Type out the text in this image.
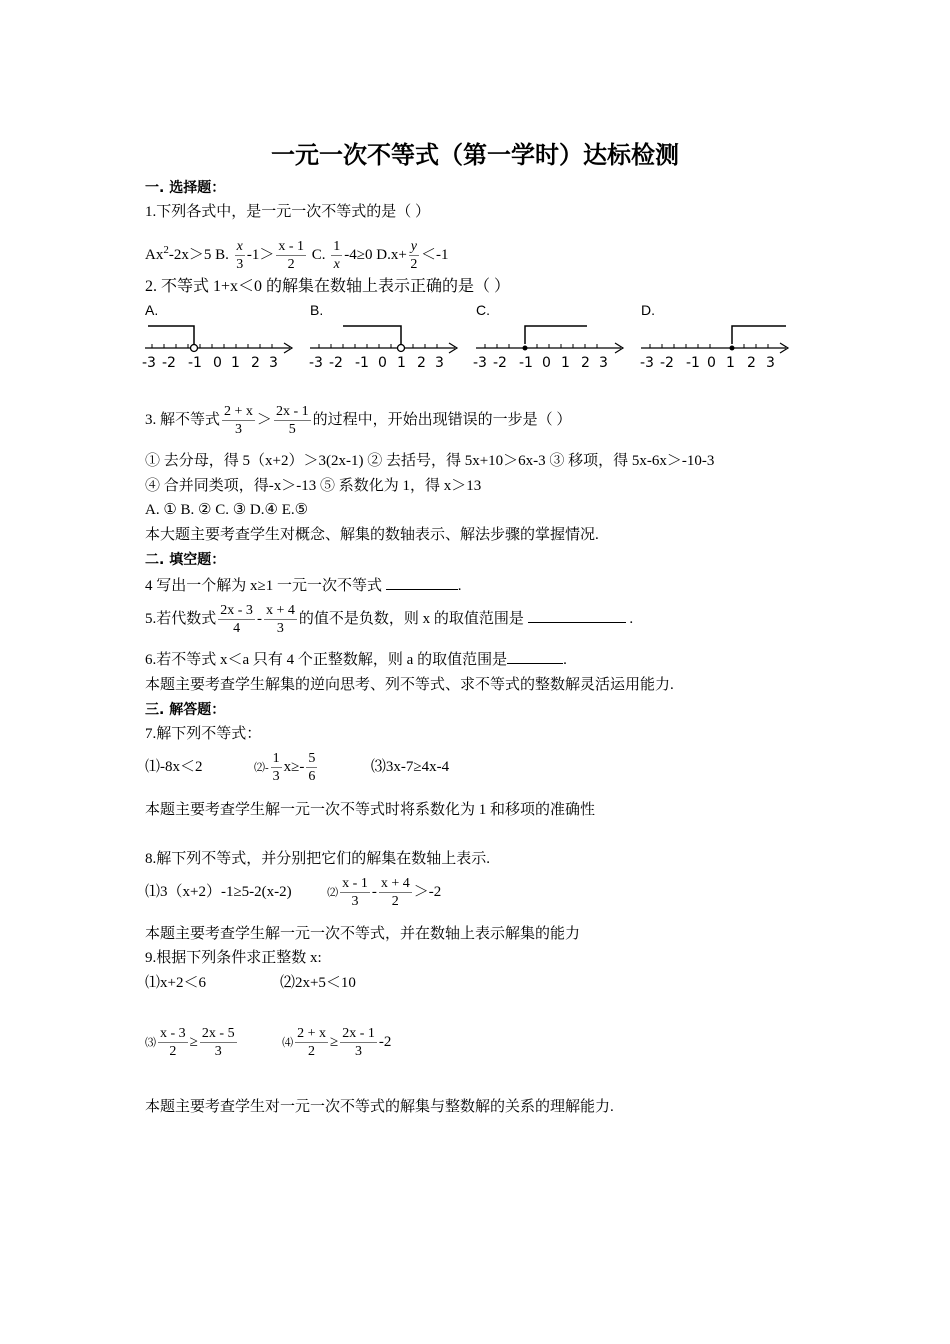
一元一次不等式（第一学时）达标检测
一. 选择题：
1.下列各式中，是一元一次不等式的是（ ）
$Ax^2-2x>5$ B. $\frac{x}{3} -1> \frac{x - 1}{2} C$. $\frac{1}{x} -4\ge 0$ $D.x+ \frac{y}{2} <-1$
2. 不等式 1+x＜0 的解集在数轴上表示正确的是（ ）
A.	B.	C.	D.
-3 -2 -1 0 1 2 3 -3 -2 -1 0 1 2 3 -3 -2 -1 0 1 2 3 -3 -2 -1 0 1 2 3
3. 解不等式 $\frac{2 + x}{3} > \frac{2x - 1}{5}$ 的过程中，开始出现错误的一步是（ ）
① 去分母，得 5（x+2）＞3(2x-1) ② 去括号，得 5x+10＞6x-3 ③ 移项，得 5x-6x＞-10-3
④ 合并同类项，得-x＞-13 ⑤ 系数化为 1，得 x＞13
A. ① B. ② C. ③ D.④ E.⑤
本大题主要考查学生对概念、解集的数轴表示、解法步骤的掌握情况.
二. 填空题：
4 写出一个解为 x≥1 一元一次不等式	.
5.若代数式 $\frac{2x - 3}{4} - \frac{x + 4}{3}$ 的值不是负数，则 x 的取值范围是	.
6.若不等式 x＜a 只有 4 个正整数解，则 a 的取值范围是	.
本题主要考查学生解集的逆向思考、列不等式、求不等式的整数解灵活运用能力.
三. 解答题：
7.解下列不等式：
⑴-8x＜2	⑵- $\frac{1}{3} x\ge- \frac{5}{6}$	⑶3x-7≥4x-4
本题主要考查学生解一元一次不等式时将系数化为 1 和移项的准确性
8.解下列不等式，并分别把它们的解集在数轴上表示.
⑴3（x+2）-1≥5-2(x-2)	⑵ $\frac{x - 1}{3} - \frac{x + 4}{2} >-2$
本题主要考查学生解一元一次不等式，并在数轴上表示解集的能力
9.根据下列条件求正整数 x:
⑴x+2＜6	⑵2x+5＜10
⑶ $\frac{x - 3}{2} \ge \frac{2x - 5}{3}$	⑷ $\frac{2 + x}{2} \ge \frac{2x - 1}{3} -2$
本题主要考查学生对一元一次不等式的解集与整数解的关系的理解能力.
